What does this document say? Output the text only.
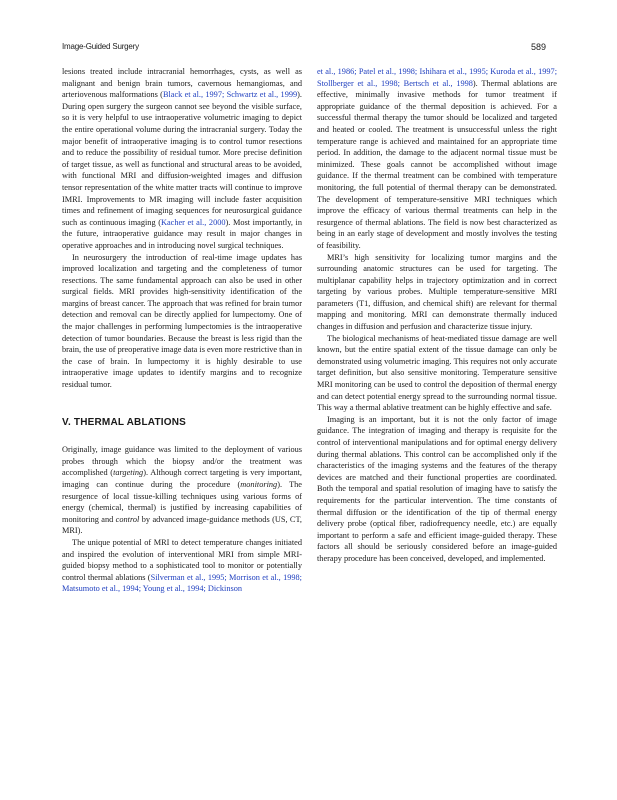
Image-Guided Surgery	589

lesions treated include intracranial hemorrhages, cysts, as well as malignant and benign brain tumors, cavernous hemangiomas, and arteriovenous malformations (Black et al., 1997; Schwartz et al., 1999). During open surgery the surgeon cannot see beyond the visible surface, so it is very helpful to use intraoperative volumetric imaging to depict the entire operational volume during the intracranial surgery. Today the major benefit of intraoperative imaging is to control tumor resections and to reduce the possibility of residual tumor. More precise definition of target tissue, as well as functional and structural areas to be avoided, with functional MRI and diffusion-weighted images and diffusion tensor representation of the white matter tracts will continue to improve IMRI. Improvements to MR imaging will include faster acquisition times and refinement of imaging sequences for neurosurgical guidance such as continuous imaging (Kacher et al., 2000). Most importantly, in the future, intraoperative guidance may result in major changes in operative approaches and in introducing novel surgical techniques.

In neurosurgery the introduction of real-time image updates has improved localization and targeting and the completeness of tumor resections. The same fundamental approach can also be used in other surgical fields. MRI provides high-sensitivity identification of the margins of breast cancer. The approach that was refined for brain tumor detection and removal can be directly applied for lumpectomy. One of the major challenges in performing lumpectomies is the intraoperative detection of tumor boundaries. Because the breast is less rigid than the brain, the use of preoperative image data is even more restrictive than in the case of brain. In lumpectomy it is highly desirable to use intraoperative image updates to identify margins and to recognize residual tumor.

V. THERMAL ABLATIONS

Originally, image guidance was limited to the deployment of various probes through which the biopsy and/or the treatment was accomplished (targeting). Although correct targeting is very important, imaging can continue during the procedure (monitoring). The resurgence of local tissue-killing techniques using various forms of energy (chemical, thermal) is justified by increasing capabilities of monitoring and control by advanced image-guidance methods (US, CT, MRI).

The unique potential of MRI to detect temperature changes initiated and inspired the evolution of interventional MRI from simple MRI-guided biopsy method to a sophisticated tool to monitor or potentially control thermal ablations (Silverman et al., 1995; Morrison et al., 1998; Matsumoto et al., 1994; Young et al., 1994; Dickinson

et al., 1986; Patel et al., 1998; Ishihara et al., 1995; Kuroda et al., 1997; Stollberger et al., 1998; Bertsch et al., 1998). Thermal ablations are effective, minimally invasive methods for tumor treatment if appropriate guidance of the thermal deposition is achieved. For a successful thermal therapy the tumor should be localized and targeted and heated or cooled. The treatment is unsuccessful unless the right temperature range is achieved and maintained for an appropriate time period. In addition, the damage to the adjacent normal tissue must be minimized. These goals cannot be accomplished without image guidance. If the thermal treatment can be combined with temperature monitoring, the full potential of thermal therapy can be demonstrated. The development of temperature-sensitive MRI techniques which improve the efficacy of various thermal treatments can help in the resurgence of thermal ablations. The field is now best characterized as being in an early stage of development and mostly involves the testing of feasibility.

MRI’s high sensitivity for localizing tumor margins and the surrounding anatomic structures can be used for targeting. The multiplanar capability helps in trajectory optimization and in correct targeting by various probes. Multiple temperature-sensitive MRI parameters (T1, diffusion, and chemical shift) are relevant for thermal mapping and monitoring. MRI can demonstrate thermally induced changes in diffusion and perfusion and characterize tissue injury.

The biological mechanisms of heat-mediated tissue damage are well known, but the entire spatial extent of the tissue damage can only be demonstrated using volumetric imaging. This requires not only accurate target definition, but also sensitive monitoring. Temperature sensitive MRI monitoring can be used to control the deposition of thermal energy and can detect potential energy spread to the surrounding normal tissue. This way a thermal ablative treatment can be highly effective and safe.

Imaging is an important, but it is not the only factor of image guidance. The integration of imaging and therapy is requisite for the control of interventional manipulations and for optimal energy delivery during thermal ablations. This control can be accomplished only if the characteristics of the imaging systems and the features of the therapy devices are matched and their functional properties are coordinated. Both the temporal and spatial resolution of imaging have to satisfy the requirements for the particular intervention. The time constants of thermal diffusion or the identification of the tip of thermal energy delivery probe (optical fiber, radiofrequency needle, etc.) are equally important to perform a safe and efficient image-guided therapy. These factors all should be seriously considered before an image-guided therapy procedure has been conceived, developed, and implemented.
